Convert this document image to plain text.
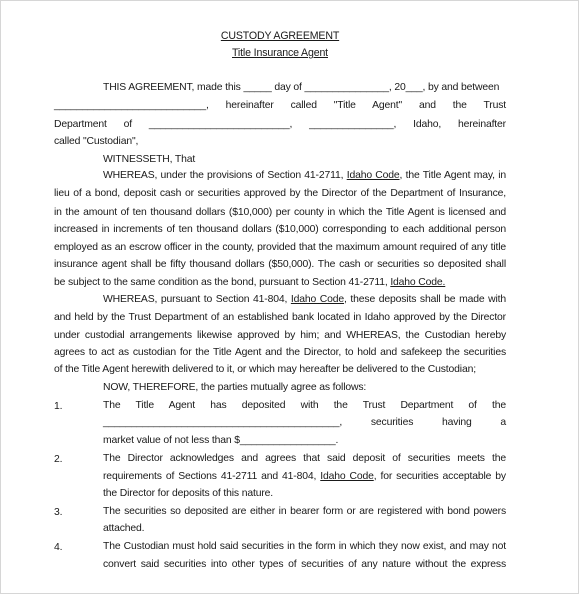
CUSTODY AGREEMENT
Title Insurance Agent
THIS AGREEMENT, made this _____ day of _______________, 20___, by and between
___________________________, hereinafter called "Title Agent" and the Trust
Department of _________________________, _______________, Idaho, hereinafter
called "Custodian",
WITNESSETH, That
WHEREAS, under the provisions of Section 41-2711, Idaho Code, the Title Agent may, in
lieu of a bond, deposit cash or securities approved by the Director of the Department of Insurance,
in the amount of ten thousand dollars ($10,000) per county in which the Title Agent is licensed and
increased in increments of ten thousand dollars ($10,000) corresponding to each additional person
employed as an escrow officer in the county, provided that the maximum amount required of any title
insurance agent shall be fifty thousand dollars ($50,000). The cash or securities so deposited shall
be subject to the same condition as the bond, pursuant to Section 41-2711, Idaho Code.
WHEREAS, pursuant to Section 41-804, Idaho Code, these deposits shall be made with
and held by the Trust Department of an established bank located in Idaho approved by the Director
under custodial arrangements likewise approved by him; and WHEREAS, the Custodian hereby
agrees to act as custodian for the Title Agent and the Director, to hold and safekeep the securities
of the Title Agent herewith delivered to it, or which may hereafter be delivered to the Custodian;
NOW, THEREFORE, the parties mutually agree as follows:
1.	The Title Agent has deposited with the Trust Department of the
__________________________________________,	securities having a
market value of not less than $_________________.
2.	The Director acknowledges and agrees that said deposit of securities meets the
requirements of Sections 41-2711 and 41-804, Idaho Code, for securities acceptable by
the Director for deposits of this nature.
3.	The securities so deposited are either in bearer form or are registered with bond powers
attached.
4.	The Custodian must hold said securities in the form in which they now exist, and may not
convert said securities into other types of securities of any nature without the express
